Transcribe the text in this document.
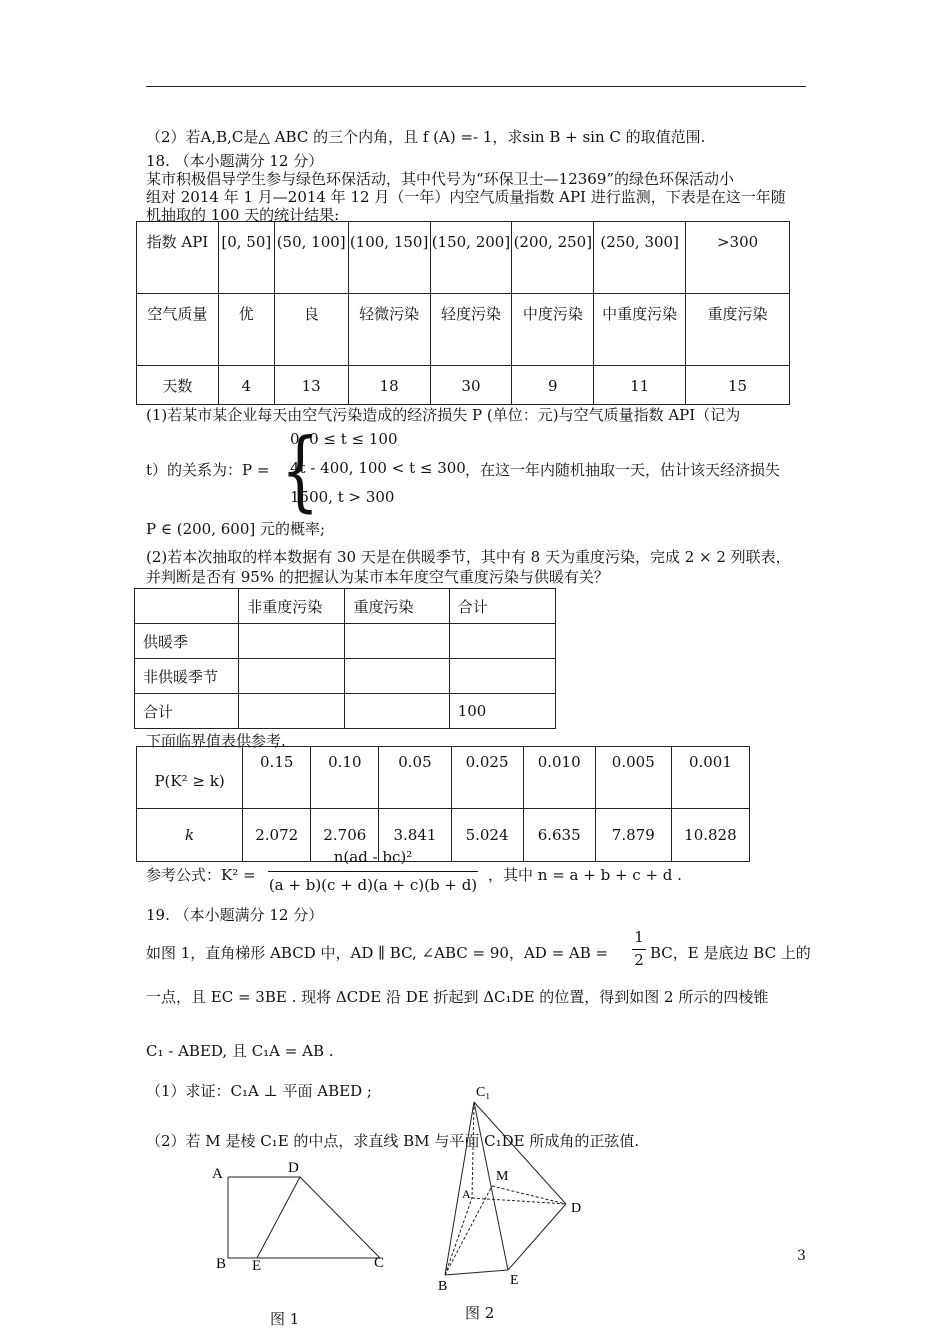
（2）若A,B,C是△ ABC 的三个内角，且 f (A) =- 1，求sin B + sin C 的取值范围.
18. （本小题满分 12 分）
某市积极倡导学生参与绿色环保活动，其中代号为“环保卫士—12369”的绿色环保活动小
组对 2014 年 1 月—2014 年 12 月（一年）内空气质量指数 API 进行监测，下表是在这一年随
机抽取的 100 天的统计结果:
指数 API	[0, 50]	(50, 100]	(100, 150]	(150, 200]	(200, 250]	(250, 300]	>300
空气质量	优	良	轻微污染	轻度污染	中度污染	中重度污染	重度污染
天数	4	13	18	30	9	11	15
(1)若某市某企业每天由空气污染造成的经济损失 P (单位：元)与空气质量指数 API（记为
t）的关系为：P = {
0, 0 ≤ t ≤ 100
4t - 400, 100 < t ≤ 300
1500, t > 300
，在这一年内随机抽取一天，估计该天经济损失
P ∈ (200, 600] 元的概率;
(2)若本次抽取的样本数据有 30 天是在供暖季节，其中有 8 天为重度污染，完成 2 × 2 列联表，
并判断是否有 95% 的把握认为某市本年度空气重度污染与供暖有关？
	非重度污染	重度污染	合计
供暖季			
非供暖季节			
合计			100
下面临界值表供参考.
P(K² ≥ k)	0.15	0.10	0.05	0.025	0.010	0.005	0.001
k	2.072	2.706	3.841	5.024	6.635	7.879	10.828
参考公式：K² =
n(ad - bc)²
(a + b)(c + d)(a + c)(b + d)
，其中 n = a + b + c + d .
19. （本小题满分 12 分）
如图 1，直角梯形 ABCD 中，AD ∥ BC, ∠ABC = 90，AD = AB =
1
2 BC，E 是底边 BC 上的
一点，且 EC = 3BE . 现将 ΔCDE 沿 DE 折起到 ΔC₁DE 的位置，得到如图 2 所示的四棱锥
C₁ - ABED, 且 C₁A = AB .
（1）求证：C₁A ⊥ 平面 ABED ;
（2）若 M 是棱 C₁E 的中点，求直线 BM 与平面 C₁DE 所成角的正弦值.
A	D
B E	C
图 1
C₁
M
A
D
B	E
图 2
3
